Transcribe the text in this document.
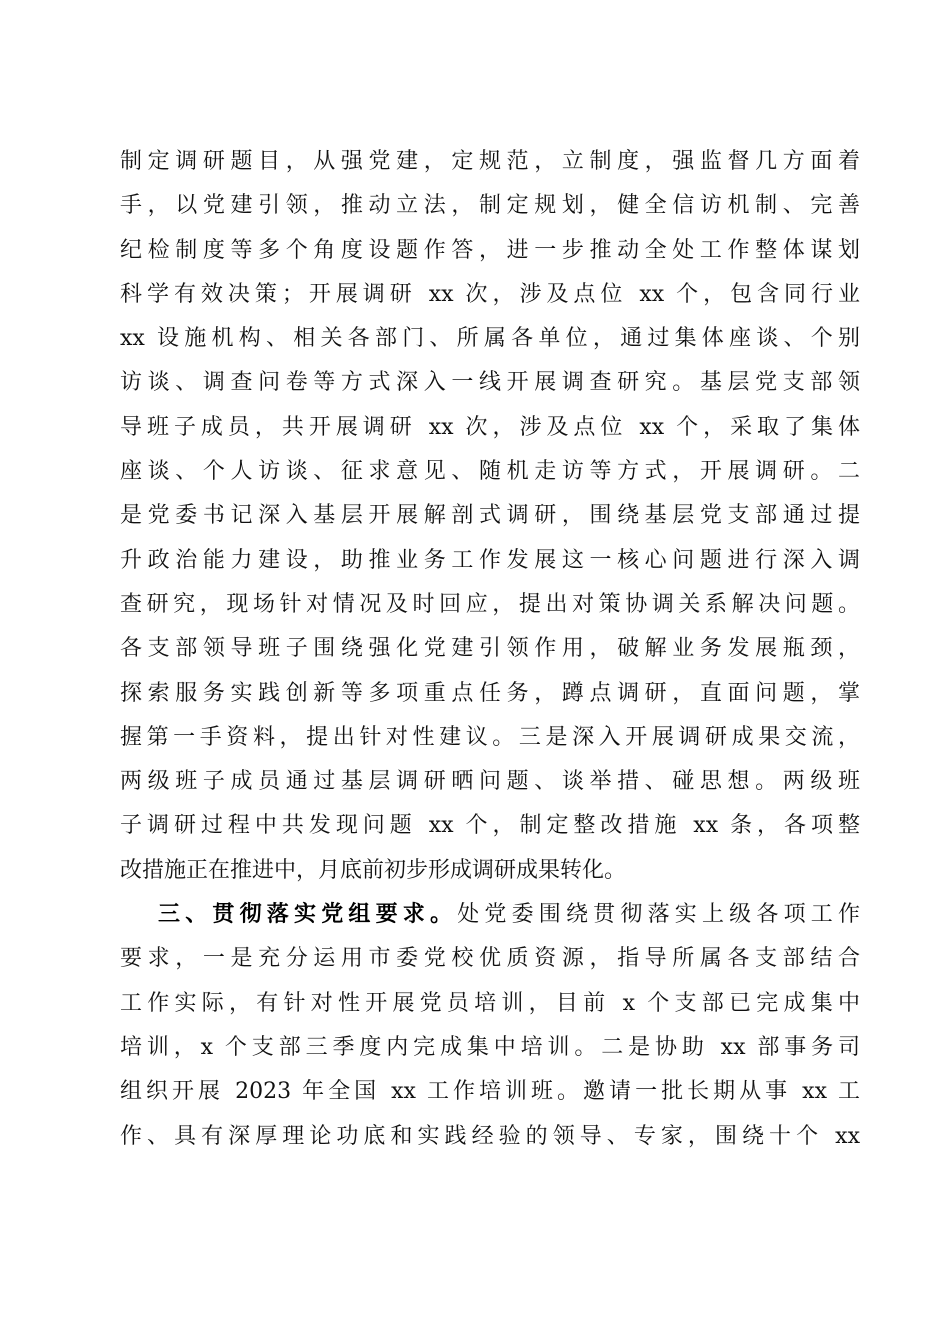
制定调研题目，从强党建，定规范，立制度，强监督几方面着
手，以党建引领，推动立法，制定规划，健全信访机制、完善
纪检制度等多个角度设题作答，进一步推动全处工作整体谋划
科学有效决策；开展调研 xx 次，涉及点位 xx 个，包含同行业
xx 设施机构、相关各部门、所属各单位，通过集体座谈、个别
访谈、调查问卷等方式深入一线开展调查研究。基层党支部领
导班子成员，共开展调研 xx 次，涉及点位 xx 个，采取了集体
座谈、个人访谈、征求意见、随机走访等方式，开展调研。二
是党委书记深入基层开展解剖式调研，围绕基层党支部通过提
升政治能力建设，助推业务工作发展这一核心问题进行深入调
查研究，现场针对情况及时回应，提出对策协调关系解决问题。
各支部领导班子围绕强化党建引领作用，破解业务发展瓶颈，
探索服务实践创新等多项重点任务，蹲点调研，直面问题，掌
握第一手资料，提出针对性建议。三是深入开展调研成果交流，
两级班子成员通过基层调研晒问题、谈举措、碰思想。两级班
子调研过程中共发现问题 xx 个，制定整改措施 xx 条，各项整
改措施正在推进中，月底前初步形成调研成果转化。
三、贯彻落实党组要求。处党委围绕贯彻落实上级各项工作
要求，一是充分运用市委党校优质资源，指导所属各支部结合
工作实际，有针对性开展党员培训，目前 x 个支部已完成集中
培训，x 个支部三季度内完成集中培训。二是协助 xx 部事务司
组织开展 2023 年全国 xx 工作培训班。邀请一批长期从事 xx 工
作、具有深厚理论功底和实践经验的领导、专家，围绕十个 xx
